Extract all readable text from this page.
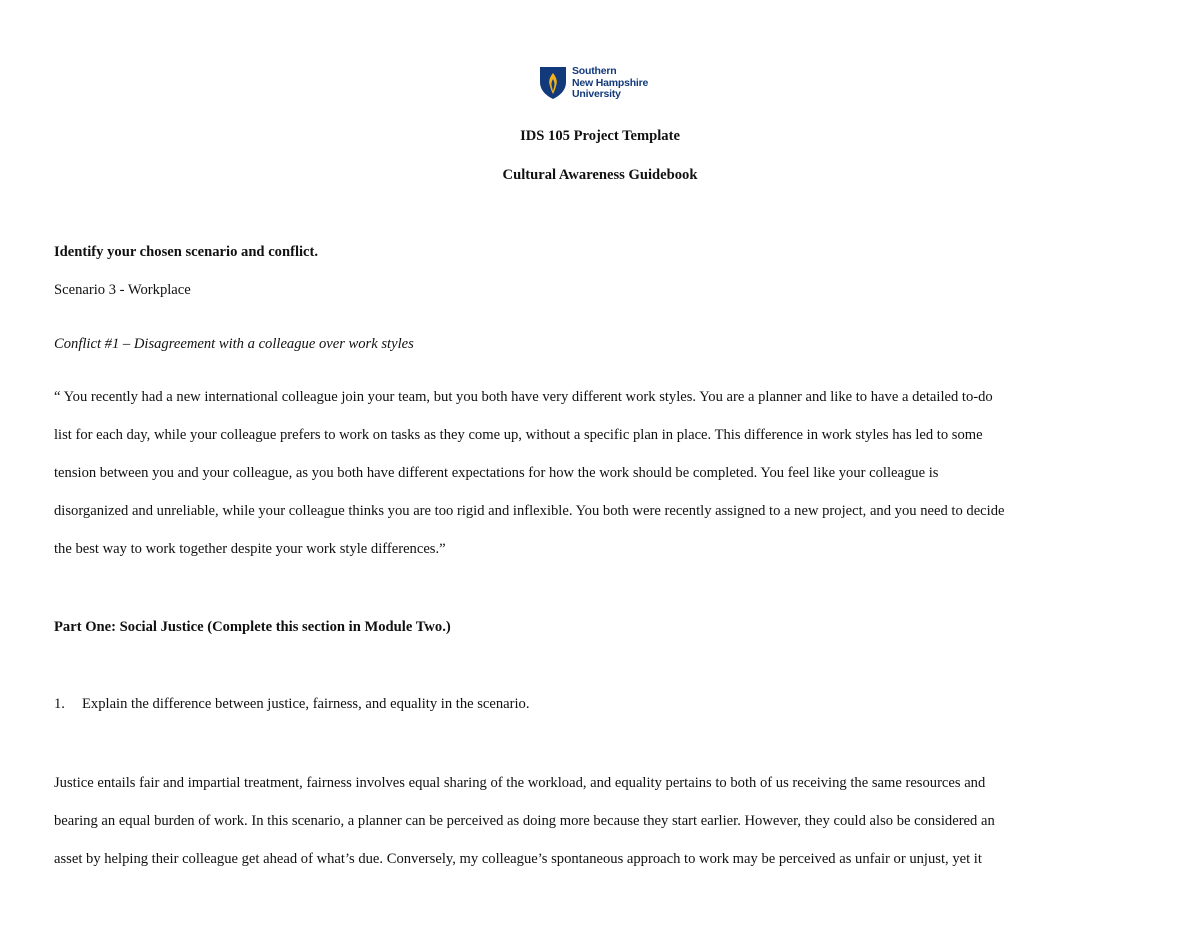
Southern
New Hampshire
University
IDS 105 Project Template
Cultural Awareness Guidebook
Identify your chosen scenario and conflict.
Scenario 3 - Workplace
Conflict #1 – Disagreement with a colleague over work styles
“ You recently had a new international colleague join your team, but you both have very different work styles. You are a planner and like to have a detailed to-do
list for each day, while your colleague prefers to work on tasks as they come up, without a specific plan in place. This difference in work styles has led to some
tension between you and your colleague, as you both have different expectations for how the work should be completed. You feel like your colleague is
disorganized and unreliable, while your colleague thinks you are too rigid and inflexible. You both were recently assigned to a new project, and you need to decide
the best way to work together despite your work style differences.”
Part One: Social Justice (Complete this section in Module Two.)
1. Explain the difference between justice, fairness, and equality in the scenario.
Justice entails fair and impartial treatment, fairness involves equal sharing of the workload, and equality pertains to both of us receiving the same resources and
bearing an equal burden of work. In this scenario, a planner can be perceived as doing more because they start earlier. However, they could also be considered an
asset by helping their colleague get ahead of what’s due. Conversely, my colleague’s spontaneous approach to work may be perceived as unfair or unjust, yet it
